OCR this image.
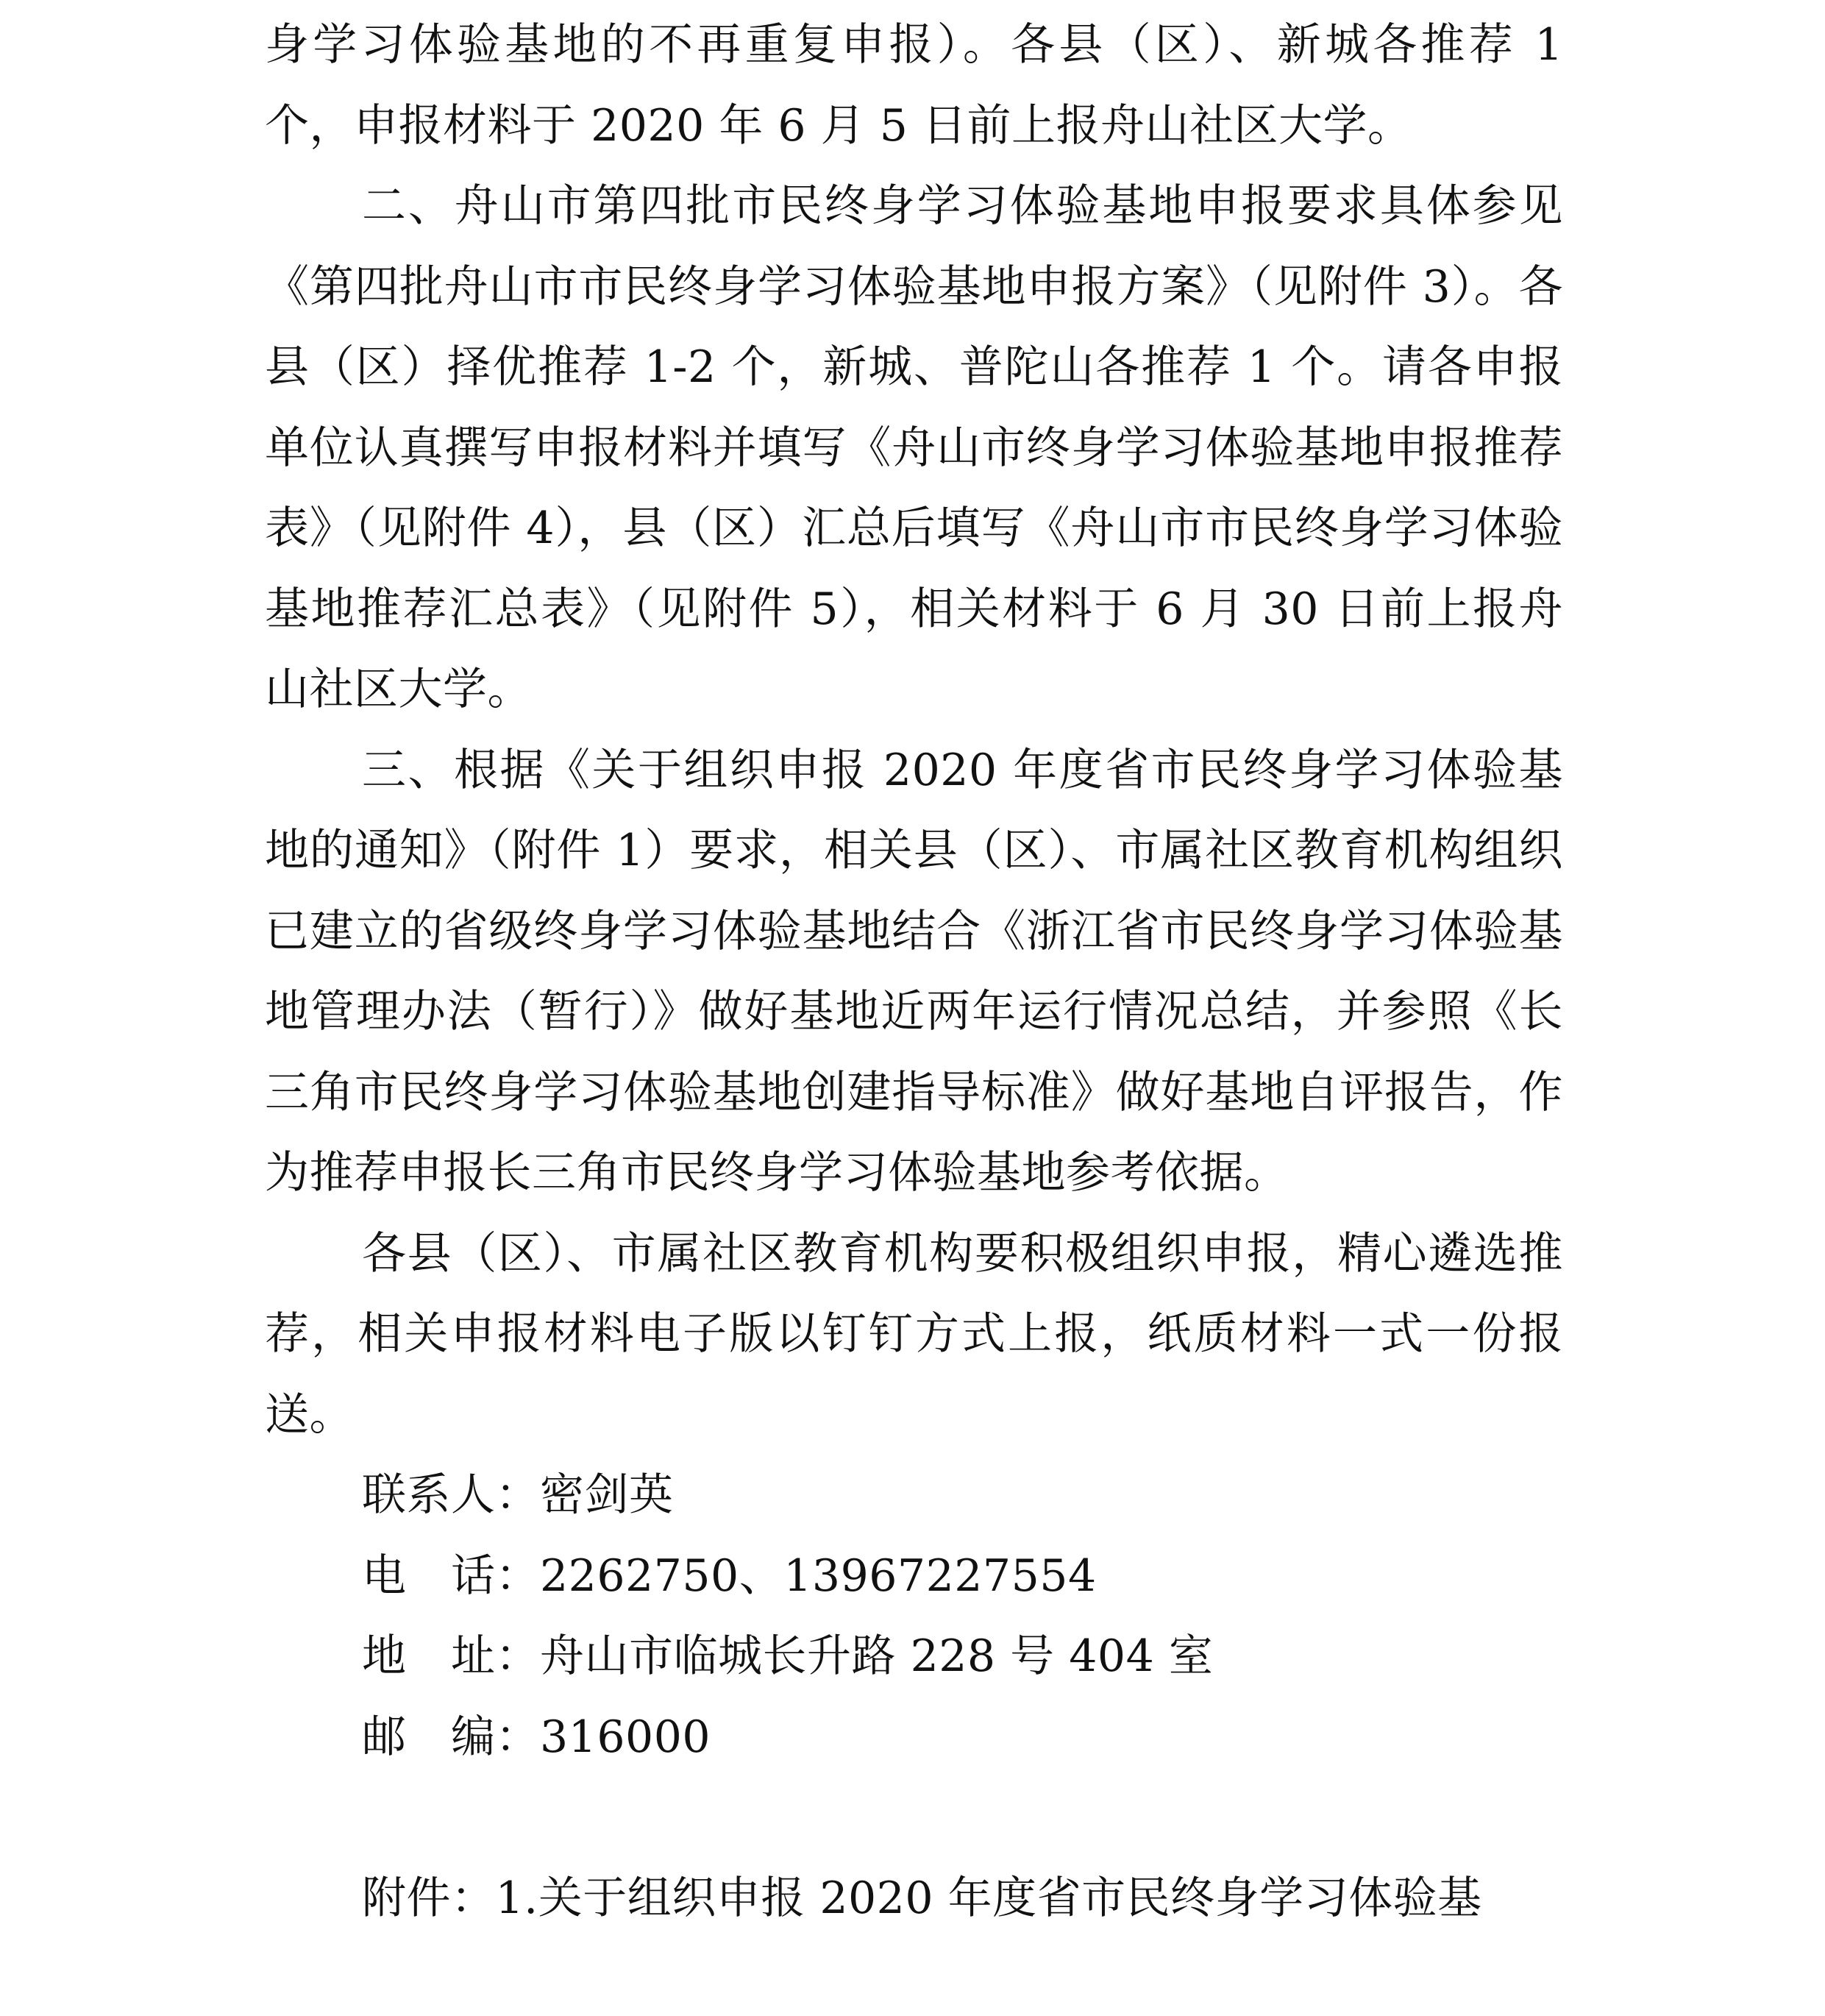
身学习体验基地的不再重复申报）。各县（区）、新城各推荐 1 个，申报材料于 2020 年 6 月 5 日前上报舟山社区大学。

二、舟山市第四批市民终身学习体验基地申报要求具体参见《第四批舟山市市民终身学习体验基地申报方案》（见附件 3）。各县（区）择优推荐 1-2 个，新城、普陀山各推荐 1 个。请各申报单位认真撰写申报材料并填写《舟山市终身学习体验基地申报推荐表》（见附件 4），县（区）汇总后填写《舟山市市民终身学习体验基地推荐汇总表》（见附件 5），相关材料于 6 月 30 日前上报舟山社区大学。

三、根据《关于组织申报 2020 年度省市民终身学习体验基地的通知》（附件 1）要求，相关县（区）、市属社区教育机构组织已建立的省级终身学习体验基地结合《浙江省市民终身学习体验基地管理办法（暂行）》做好基地近两年运行情况总结，并参照《长三角市民终身学习体验基地创建指导标准》做好基地自评报告，作为推荐申报长三角市民终身学习体验基地参考依据。

各县（区）、市属社区教育机构要积极组织申报，精心遴选推荐，相关申报材料电子版以钉钉方式上报，纸质材料一式一份报送。

联系人：密剑英
电　话：2262750、13967227554
地　址：舟山市临城长升路 228 号 404 室
邮　编：316000
附件：1.关于组织申报 2020 年度省市民终身学习体验基
